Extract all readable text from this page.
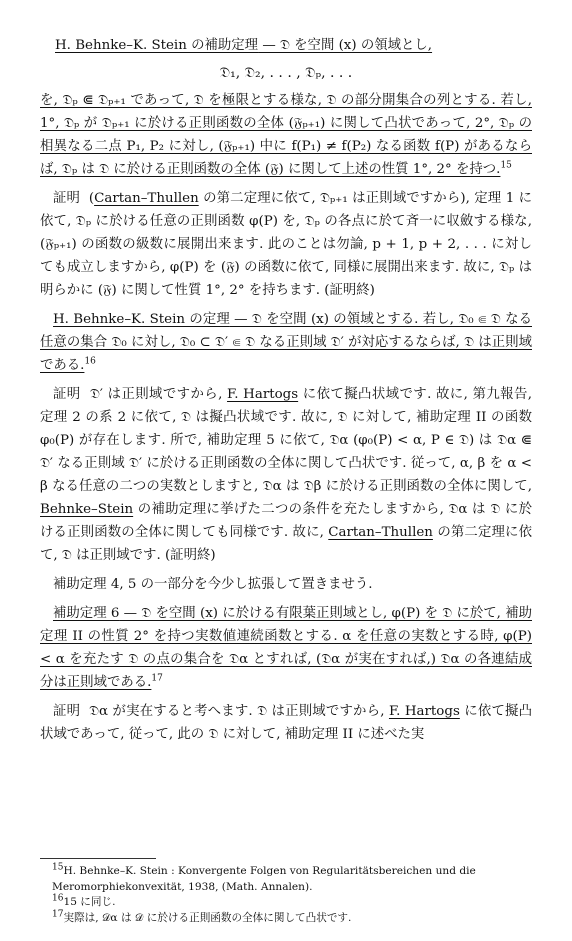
H. Behnke–K. Stein の補助定理 — 𝔇 を空間 (x) の領域とし,

𝔇₁, 𝔇₂, . . . , 𝔇ₚ, . . .

を, 𝔇ₚ ⋐ 𝔇ₚ₊₁ であって, 𝔇 を極限とする様な, 𝔇 の部分開集合の列とする. 若し, 1°, 𝔇ₚ が 𝔇ₚ₊₁ に於ける正則函数の全体 (𝔉ₚ₊₁) に関して凸状であって, 2°, 𝔇ₚ の相異なる二点 P₁, P₂ に対し, (𝔉ₚ₊₁) 中に f(P₁) ≠ f(P₂) なる函数 f(P) があるならば, 𝔇ₚ は 𝔇 に於ける正則函数の全体 (𝔉) に関して上述の性質 1°, 2° を持つ.$^{15}$

証明 (Cartan–Thullen の第二定理に依て, 𝔇ₚ₊₁ は正則域ですから), 定理 1 に依て, 𝔇ₚ に於ける任意の正則函数 φ(P) を, 𝔇ₚ の各点に於て斉一に収斂する様な, (𝔉ₚ₊₁) の函数の級数に展開出来ます. 此のことは勿論, p + 1, p + 2, . . . に対しても成立しますから, φ(P) を (𝔉) の函数に依て, 同様に展開出来ます. 故に, 𝔇ₚ は明らかに (𝔉) に関して性質 1°, 2° を持ちます. (証明終)

H. Behnke–K. Stein の定理 — 𝔇 を空間 (x) の領域とする. 若し, 𝔇₀ ⋐ 𝔇 なる任意の集合 𝔇₀ に対し, 𝔇₀ ⊂ 𝔇′ ⋐ 𝔇 なる正則域 𝔇′ が対応するならば, 𝔇 は正則域である.$^{16}$

証明 𝔇′ は正則域ですから, F. Hartogs に依て擬凸状域です. 故に, 第九報告, 定理 2 の系 2 に依て, 𝔇 は擬凸状域です. 故に, 𝔇 に対して, 補助定理 II の函数 φ₀(P) が存在します. 所で, 補助定理 5 に依て, 𝔇α (φ₀(P) < α, P ∈ 𝔇) は 𝔇α ⋐ 𝔇′ なる正則域 𝔇′ に於ける正則函数の全体に関して凸状です. 従って, α, β を α < β なる任意の二つの実数としますと, 𝔇α は 𝔇β に於ける正則函数の全体に関して, Behnke–Stein の補助定理に挙げた二つの条件を充たしますから, 𝔇α は 𝔇 に於ける正則函数の全体に関しても同様です. 故に, Cartan–Thullen の第二定理に依て, 𝔇 は正則域です. (証明終)

補助定理 4, 5 の一部分を今少し拡張して置きませう.

補助定理 6 — 𝔇 を空間 (x) に於ける有限葉正則域とし, φ(P) を 𝔇 に於て, 補助定理 II の性質 2° を持つ実数値連続函数とする. α を任意の実数とする時, φ(P) < α を充たす 𝔇 の点の集合を 𝔇α とすれば, (𝔇α が実在すれば,) 𝔇α の各連結成分は正則域である.$^{17}$

証明 𝔇α が実在すると考へます. 𝔇 は正則域ですから, F. Hartogs に依て擬凸状域であって, 従って, 此の 𝔇 に対して, 補助定理 II に述べた実

$^{15}$H. Behnke–K. Stein : Konvergente Folgen von Regularitätsbereichen und die Meromorphiekonvexität, 1938, (Math. Annalen).
$^{16}$15 に同じ.
$^{17}$実際は, 𝒟α は 𝒟 に於ける正則函数の全体に関して凸状です.
